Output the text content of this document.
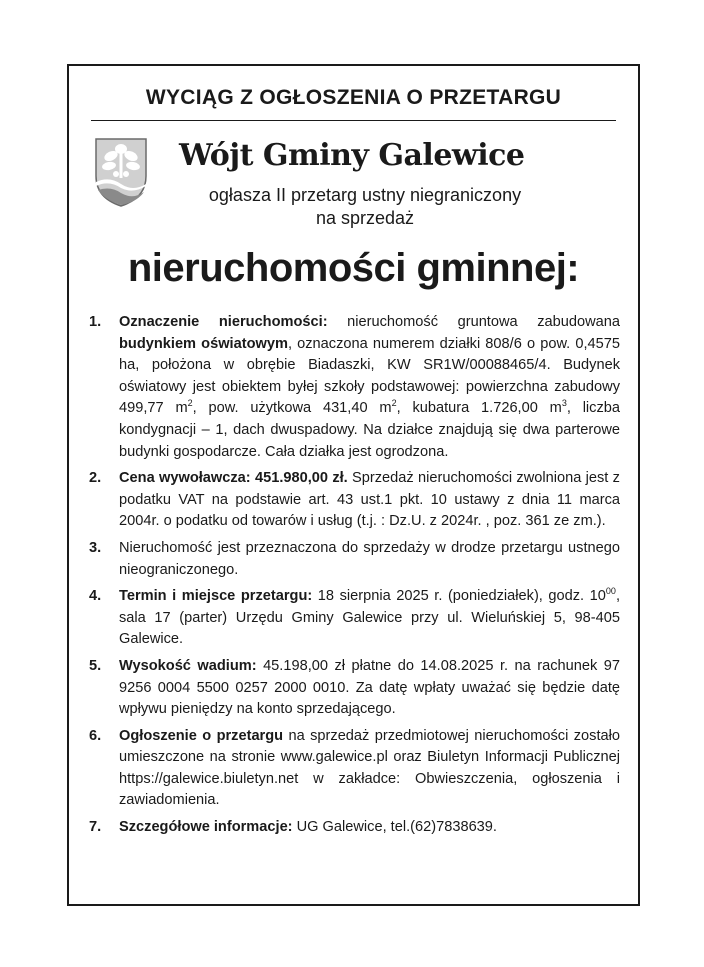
WYCIĄG Z OGŁOSZENIA O PRZETARGU
Wójt Gminy Galewice
ogłasza II przetarg ustny niegraniczony
na sprzedaż
nieruchomości gminnej:
1. Oznaczenie nieruchomości: nieruchomość gruntowa zabudowana budynkiem oświatowym, oznaczona numerem działki 808/6 o pow. 0,4575 ha, położona w obrębie Biadaszki, KW SR1W/00088465/4. Budynek oświatowy jest obiektem byłej szkoły podstawowej: powierzchna zabudowy 499,77 $m^2$, pow. użytkowa 431,40 $m^2$, kubatura 1.726,00 $m^3$, liczba kondygnacji – 1, dach dwuspadowy. Na działce znajdują się dwa parterowe budynki gospodarcze. Cała działka jest ogrodzona.
2. Cena wywoławcza: 451.980,00 zł. Sprzedaż nieruchomości zwolniona jest z podatku VAT na podstawie art. 43 ust.1 pkt. 10 ustawy z dnia 11 marca 2004r. o podatku od towarów i usług (t.j. : Dz.U. z 2024r. , poz. 361 ze zm.).
3. Nieruchomość jest przeznaczona do sprzedaży w drodze przetargu ustnego nieograniczonego.
4. Termin i miejsce przetargu: 18 sierpnia 2025 r. (poniedziałek), godz. $10^{00}$, sala 17 (parter) Urzędu Gminy Galewice przy ul. Wieluńskiej 5, 98-405 Galewice.
5. Wysokość wadium: 45.198,00 zł płatne do 14.08.2025 r. na rachunek 97 9256 0004 5500 0257 2000 0010. Za datę wpłaty uważać się będzie datę wpływu pieniędzy na konto sprzedającego.
6. Ogłoszenie o przetargu na sprzedaż przedmiotowej nieruchomości zostało umieszczone na stronie www.galewice.pl oraz Biuletyn Informacji Publicznej https://galewice.biuletyn.net w zakładce: Obwieszczenia, ogłoszenia i zawiadomienia.
7. Szczegółowe informacje: UG Galewice, tel.(62)7838639.
